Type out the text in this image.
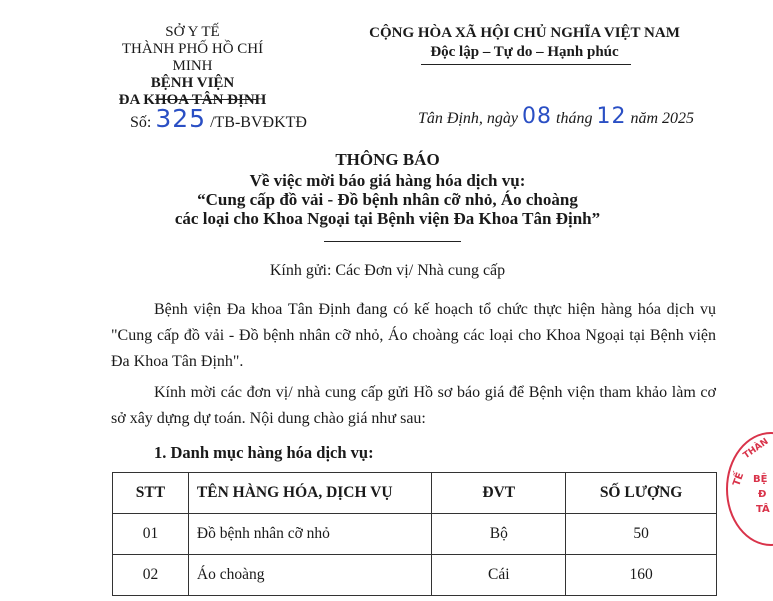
SỞ Y TẾ
THÀNH PHỐ HỒ CHÍ MINH
BỆNH VIỆN
ĐA KHOA TÂN ĐỊNH
CỘNG HÒA XÃ HỘI CHỦ NGHĨA VIỆT NAM
Độc lập – Tự do – Hạnh phúc
Số: 325 /TB-BVĐKTĐ	Tân Định, ngày 08 tháng 12 năm 2025
THÔNG BÁO
Về việc mời báo giá hàng hóa dịch vụ:
“Cung cấp đồ vải - Đồ bệnh nhân cỡ nhỏ, Áo choàng
các loại cho Khoa Ngoại tại Bệnh viện Đa Khoa Tân Định”
Kính gửi: Các Đơn vị/ Nhà cung cấp
Bệnh viện Đa khoa Tân Định đang có kế hoạch tổ chức thực hiện hàng hóa dịch vụ "Cung cấp đồ vải - Đồ bệnh nhân cỡ nhỏ, Áo choàng các loại cho Khoa Ngoại tại Bệnh viện Đa Khoa Tân Định".
Kính mời các đơn vị/ nhà cung cấp gửi Hồ sơ báo giá để Bệnh viện tham khảo làm cơ sở xây dựng dự toán. Nội dung chào giá như sau:
1. Danh mục hàng hóa dịch vụ:
STT	TÊN HÀNG HÓA, DỊCH VỤ	ĐVT	SỐ LƯỢNG
01	Đồ bệnh nhân cỡ nhỏ	Bộ	50
02	Áo choàng	Cái	160
TẾ
THÀN
BỆ
Đ
TÂ
